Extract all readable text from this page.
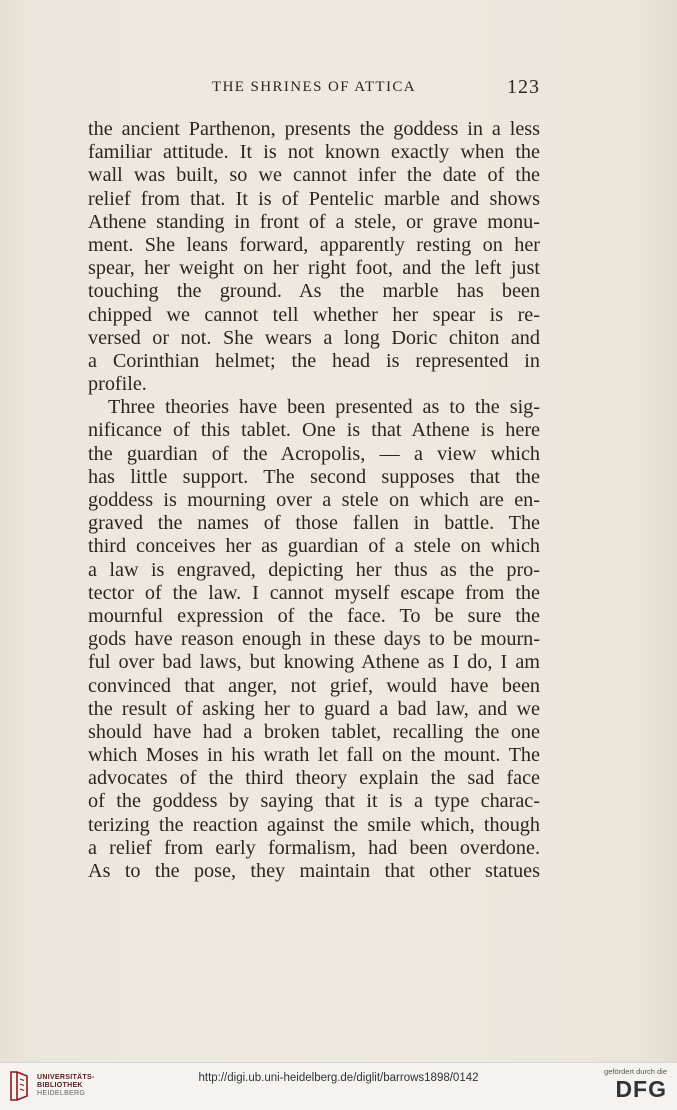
THE SHRINES OF ATTICA	123
the ancient Parthenon, presents the goddess in a less
familiar attitude. It is not known exactly when the
wall was built, so we cannot infer the date of the
relief from that. It is of Pentelic marble and shows
Athene standing in front of a stele, or grave monu-
ment. She leans forward, apparently resting on her
spear, her weight on her right foot, and the left just
touching the ground. As the marble has been
chipped we cannot tell whether her spear is re-
versed or not. She wears a long Doric chiton and
a Corinthian helmet; the head is represented in
profile.
Three theories have been presented as to the sig-
nificance of this tablet. One is that Athene is here
the guardian of the Acropolis, — a view which
has little support. The second supposes that the
goddess is mourning over a stele on which are en-
graved the names of those fallen in battle. The
third conceives her as guardian of a stele on which
a law is engraved, depicting her thus as the pro-
tector of the law. I cannot myself escape from the
mournful expression of the face. To be sure the
gods have reason enough in these days to be mourn-
ful over bad laws, but knowing Athene as I do, I am
convinced that anger, not grief, would have been
the result of asking her to guard a bad law, and we
should have had a broken tablet, recalling the one
which Moses in his wrath let fall on the mount. The
advocates of the third theory explain the sad face
of the goddess by saying that it is a type charac-
terizing the reaction against the smile which, though
a relief from early formalism, had been overdone.
As to the pose, they maintain that other statues
UNIVERSITÄTS-
BIBLIOTHEK
HEIDELBERG
http://digi.ub.uni-heidelberg.de/diglit/barrows1898/0142
gefördert durch die
DFG
